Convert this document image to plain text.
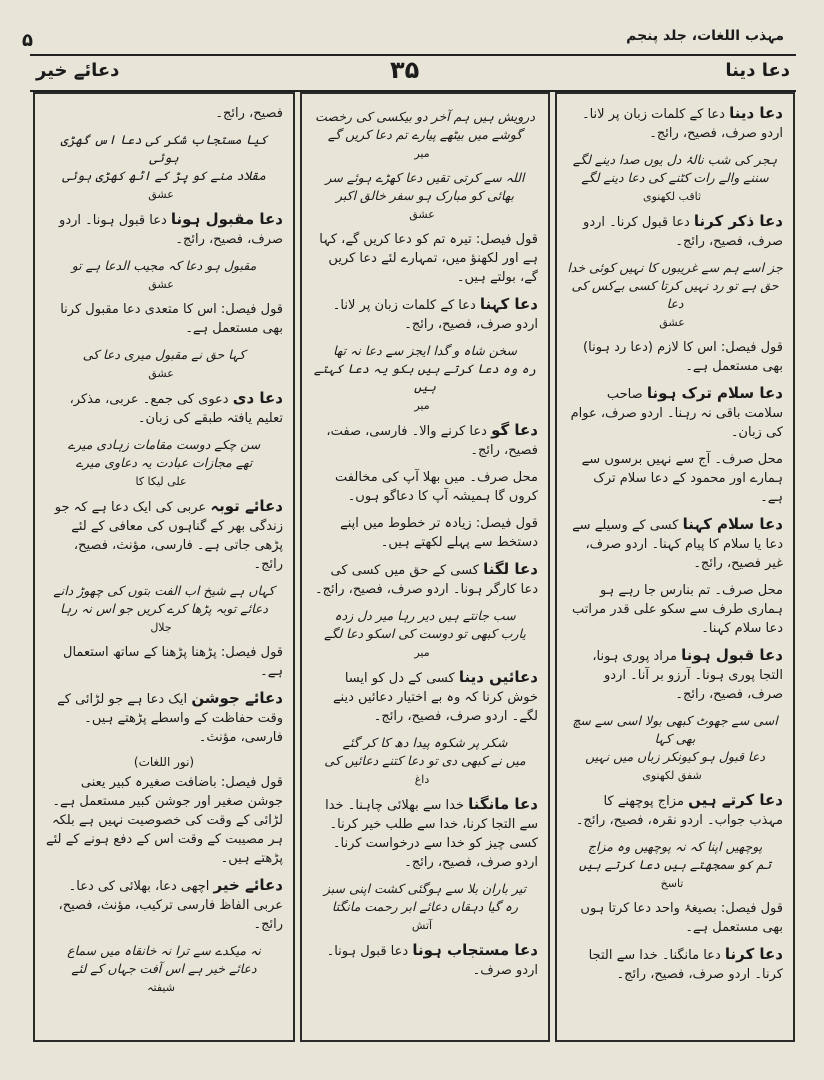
۵	مہذب اللغات، جلد پنجم
دعائے خیر	۳۵	دعا دینا

دعا دینا دعا کے کلمات زبان پر لانا۔ اردو صرف، فصیح، رائج۔

ہجر کی شب نالۂ دل یوں صدا دینے لگے
سننے والے رات کٹنے کی دعا دینے لگے
ثاقب لکھنوی

دعا ذکر کرنا دعا قبول کرنا۔ اردو صرف، فصیح، رائج۔

جز اسے ہم سے غریبوں کا نہیں کوئی خدا
حق ہے تو رد نہیں کرتا کسی بےکس کی دعا
عشق

قول فیصل: اس کا لازم (دعا رد ہونا) بھی مستعمل ہے۔

دعا سلام ترک ہونا صاحب سلامت باقی نہ رہنا۔ اردو صرف، عوام کی زبان۔

محل صرف۔ آج سے نہیں برسوں سے ہمارے اور محمود کے دعا سلام ترک ہے۔

دعا سلام کہنا کسی کے وسیلے سے دعا یا سلام کا پیام کہنا۔ اردو صرف، غیر فصیح، رائج۔

محل صرف۔ تم بنارس جا رہے ہو ہماری طرف سے سکو علی قدر مراتب دعا سلام کہنا۔

دعا قبول ہونا مراد پوری ہونا، التجا پوری ہونا۔ آرزو بر آنا۔ اردو صرف، فصیح، رائج۔

اسی سے جھوٹ کبھی بولا اسی سے سچ بھی کہا
دعا قبول ہو کیونکر زباں میں نہیں
شفق لکھنوی

دعا کرتے ہیں مزاج پوچھنے کا مہذب جواب۔ اردو نقرہ، فصیح، رائج۔

پوچھیں اپنا کہ نہ پوچھیں وہ مزاج
تم کو سمجھتے ہیں دعا کرتے ہیں
تاسخ

قول فیصل: بصیغۂ واحد دعا کرتا ہوں بھی مستعمل ہے۔

دعا کرنا دعا مانگنا۔ خدا سے التجا کرنا۔ اردو صرف، فصیح، رائج۔

درویش ہیں ہم آخر دو بیکسی کی رخصت
گوشے میں بیٹھے پیارے تم دعا کریں گے
میر
اللہ سے کرتی تقیں دعا کھڑے ہوئے سر
بھائی کو مبارک ہو سفر خالق اکبر
عشق

قول فیصل: تیرہ تم کو دعا کریں گے، کہا ہے اور لکھنؤ میں، تمہارے لئے دعا کریں گے، بولتے ہیں۔

دعا کہنا دعا کے کلمات زبان پر لانا۔ اردو صرف، فصیح، رائج۔

سخن شاہ و گدا ایجز سے دعا نہ تھا
رہ وہ دعا کرتے ہیں بکو یہ دعا کہتے ہیں
میر

دعا گو دعا کرنے والا۔ فارسی، صفت، فصیح، رائج۔

محل صرف۔ میں بھلا آپ کی مخالفت کروں گا ہمیشہ آپ کا دعاگو ہوں۔

قول فیصل: زیادہ تر خطوط میں اپنے دستخط سے پہلے لکھتے ہیں۔

دعا لگنا کسی کے حق میں کسی کی دعا کارگر ہونا۔ اردو صرف، فصیح، رائج۔

سب جانتے ہیں دیر رہا میر دل زدہ
یارب کبھی تو دوست کی اسکو دعا لگے
میر

دعائیں دینا کسی کے دل کو ایسا خوش کرنا کہ وہ بے اختیار دعائیں دینے لگے۔ اردو صرف، فصیح، رائج۔

شکر پر شکوہ پیدا دھ کا کر گئے
میں نے کبھی دی تو دعا کتنے دعائیں کی
داغ

دعا مانگنا خدا سے بھلائی چاہنا۔ خدا سے التجا کرنا، خدا سے طلب خیر کرنا۔ کسی چیز کو خدا سے درخواست کرنا۔ اردو صرف، فصیح، رائج۔

تیر باران بلا سے ہوگئی کشت اپنی سبز
رہ گیا دہقاں دعائے ابر رحمت مانگتا
آتش

دعا مستجاب ہونا دعا قبول ہونا۔ اردو صرف۔

فصیح، رائج۔

کیا مستجاب شکر کی دعا اس گھڑی ہوئی
مقلاد منے کو پڑ کے اٹھ کھڑی ہوئی
عشق

دعا مقبول ہونا دعا قبول ہونا۔ اردو صرف، فصیح، رائج۔

مقبول ہو دعا کہ مجیب الدعا ہے تو
عشق

قول فیصل: اس کا متعدی دعا مقبول کرنا بھی مستعمل ہے۔

کہا حق نے مقبول میری دعا کی
عشق

دعا دی دعوی کی جمع۔ عربی، مذکر، تعلیم یافتہ طبقے کی زبان۔

سن چکے دوست مقامات زہادی میرے
تھے مجازات عبادت یہ دعاوی میرے
علی لیکا کا

دعائے توبہ عربی کی ایک دعا ہے کہ جو زندگی بھر کے گناہوں کی معافی کے لئے پڑھی جاتی ہے۔ فارسی، مؤنث، فصیح، رائج۔

کہاں ہے شیخ اب الفت بتوں کی چھوڑ دانے
دعائے توبہ پڑھا کرے کریں جو اس نہ رہا
جلال

قول فیصل: پڑھنا پڑھنا کے ساتھ استعمال ہے۔

دعائے جوشن ایک دعا ہے جو لڑائی کے وقت حفاظت کے واسطے پڑھتے ہیں۔ فارسی، مؤنث۔

(نور اللغات)

قول فیصل: باضافت صغیرہ کبیر یعنی جوشن صغیر اور جوشن کبیر مستعمل ہے۔ لڑائی کے وقت کی خصوصیت نہیں ہے بلکہ ہر مصیبت کے وقت اس کے دفع ہونے کے لئے پڑھتے ہیں۔

دعائے خیر اچھی دعا، بھلائی کی دعا۔ عربی الفاظ فارسی ترکیب، مؤنث، فصیح، رائج۔

نہ میکدے سے ترا نہ خانقاہ میں سماع
دعائے خیر ہے اس آفت جہاں کے لئے
شیفتہ
